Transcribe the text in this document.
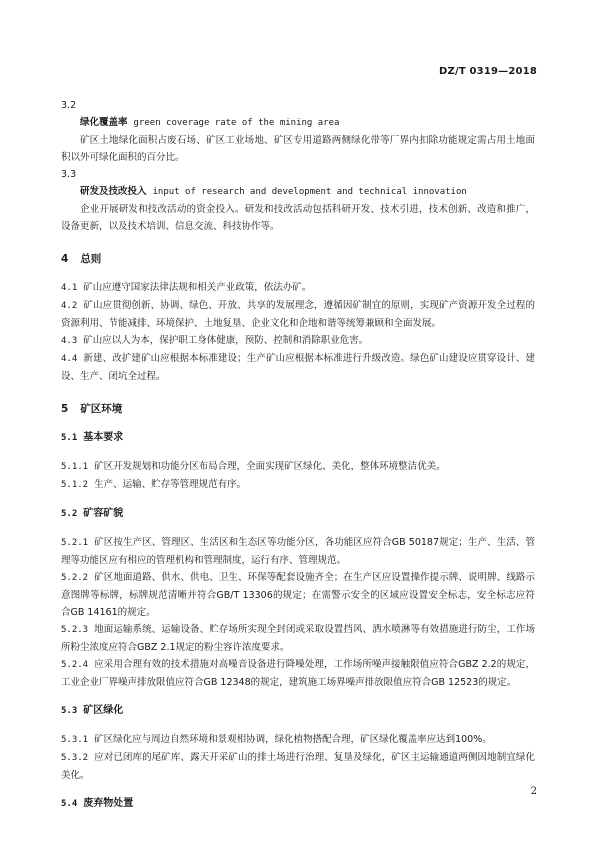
DZ/T 0319—2018
3.2
绿化覆盖率 green coverage rate of the mining area
矿区土地绿化面积占废石场、矿区工业场地、矿区专用道路两侧绿化带等厂界内扣除功能规定需占用土地面积以外可绿化面积的百分比。
3.3
研发及技改投入 input of research and development and technical innovation
企业开展研发和技改活动的资金投入。研发和技改活动包括科研开发、技术引进，技术创新、改造和推广，设备更新，以及技术培训、信息交流、科技协作等。
4 总则
4.1 矿山应遵守国家法律法规和相关产业政策，依法办矿。
4.2 矿山应贯彻创新、协调、绿色、开放、共享的发展理念，遵循因矿制宜的原则，实现矿产资源开发全过程的资源利用、节能减排、环境保护、土地复垦、企业文化和企地和谐等统筹兼顾和全面发展。
4.3 矿山应以人为本，保护职工身体健康，预防、控制和消除职业危害。
4.4 新建、改扩建矿山应根据本标准建设；生产矿山应根据本标准进行升级改造。绿色矿山建设应贯穿设计、建设、生产、闭坑全过程。
5 矿区环境
5.1 基本要求
5.1.1 矿区开发规划和功能分区布局合理，全面实现矿区绿化、美化，整体环境整洁优美。
5.1.2 生产、运输、贮存等管理规范有序。
5.2 矿容矿貌
5.2.1 矿区按生产区、管理区、生活区和生态区等功能分区，各功能区应符合GB 50187规定；生产、生活、管理等功能区应有相应的管理机构和管理制度，运行有序、管理规范。
5.2.2 矿区地面道路、供水、供电、卫生、环保等配套设施齐全；在生产区应设置操作提示牌、说明牌、线路示意图牌等标牌，标牌规范清晰并符合GB/T 13306的规定；在需警示安全的区域应设置安全标志，安全标志应符合GB 14161的规定。
5.2.3 地面运输系统、运输设备、贮存场所实现全封闭或采取设置挡风、洒水喷淋等有效措施进行防尘，工作场所粉尘浓度应符合GBZ 2.1规定的粉尘容许浓度要求。
5.2.4 应采用合理有效的技术措施对高噪音设备进行降噪处理，工作场所噪声接触限值应符合GBZ 2.2的规定，工业企业厂界噪声排放限值应符合GB 12348的规定，建筑施工场界噪声排放限值应符合GB 12523的规定。
5.3 矿区绿化
5.3.1 矿区绿化应与周边自然环境和景观相协调，绿化植物搭配合理，矿区绿化覆盖率应达到100%。
5.3.2 应对已闭库的尾矿库、露天开采矿山的排土场进行治理、复垦及绿化，矿区主运输通道两侧因地制宜绿化美化。
5.4 废弃物处置
2
